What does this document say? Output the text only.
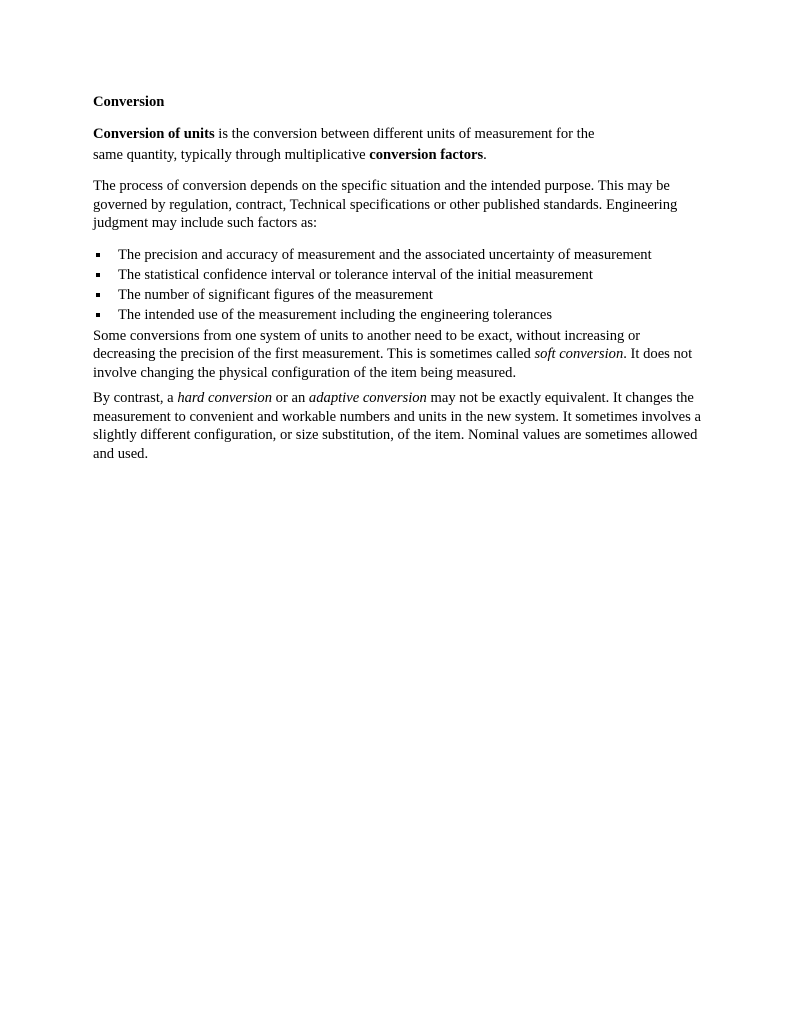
Conversion

Conversion of units is the conversion between different units of measurement for the
same quantity, typically through multiplicative conversion factors.

The process of conversion depends on the specific situation and the intended purpose. This may be governed by regulation, contract, Technical specifications or other published standards. Engineering judgment may include such factors as:

The precision and accuracy of measurement and the associated uncertainty of measurement
The statistical confidence interval or tolerance interval of the initial measurement
The number of significant figures of the measurement
The intended use of the measurement including the engineering tolerances

Some conversions from one system of units to another need to be exact, without increasing or decreasing the precision of the first measurement. This is sometimes called soft conversion. It does not involve changing the physical configuration of the item being measured.

By contrast, a hard conversion or an adaptive conversion may not be exactly equivalent. It changes the measurement to convenient and workable numbers and units in the new system. It sometimes involves a slightly different configuration, or size substitution, of the item. Nominal values are sometimes allowed and used.
